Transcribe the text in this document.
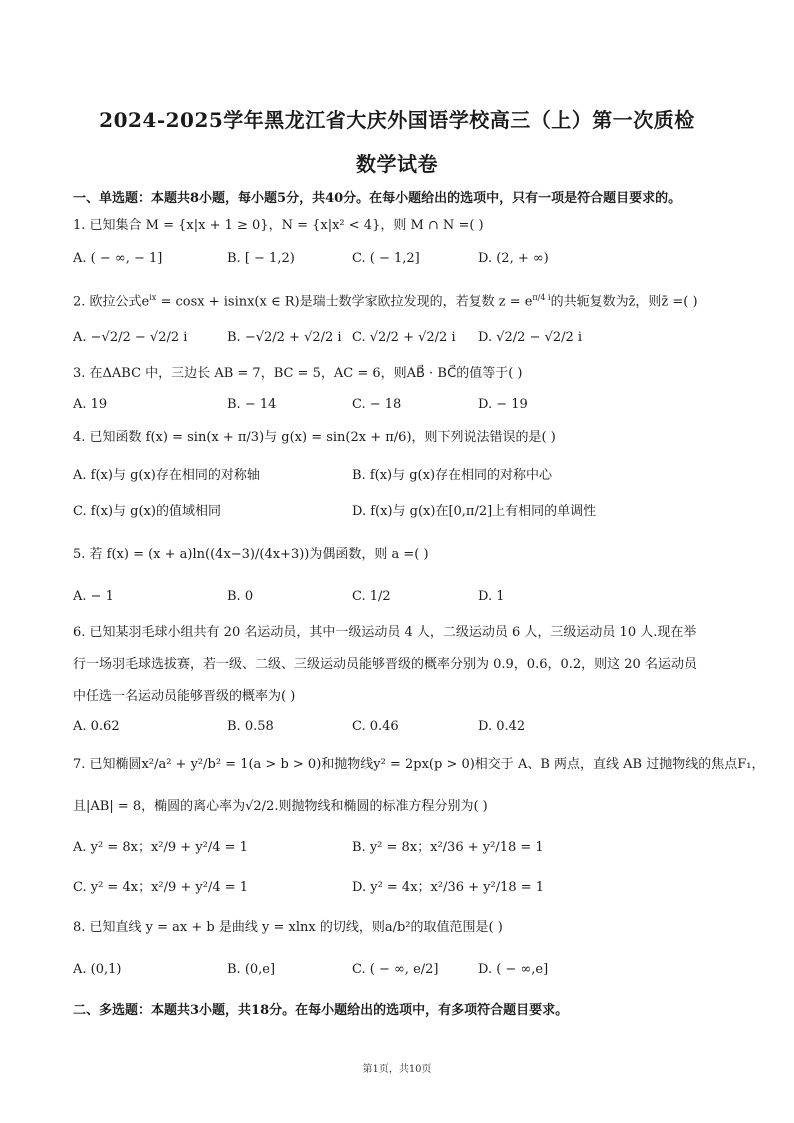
2024-2025学年黑龙江省大庆外国语学校高三（上）第一次质检
数学试卷
一、单选题：本题共8小题，每小题5分，共40分。在每小题给出的选项中，只有一项是符合题目要求的。
1. 已知集合 M = {x|x + 1 ≥ 0}，N = {x|x² < 4}，则 M ∩ N =( )
A. ( − ∞, − 1]	B. [ − 1,2)	C. ( − 1,2]	D. (2, + ∞)
2. 欧拉公式$e^{ix} = \cos x + isinx(x$ ∈ R)是瑞士数学家欧拉发现的，若复数 $z = e^{\pi/4 i}$的共轭复数为z̄，则z̄ =( )
A. −√2/2 − √2/2 i	B. −√2/2 + √2/2 i C. √2/2 + √2/2 i D. √2/2 − √2/2 i
3. 在ΔABC 中，三边长 AB = 7，BC = 5，AC = 6，则AB⃗ · BC⃗的值等于( )
A. 19	B. − 14	C. − 18	D. − 19
4. 已知函数 f(x) = sin(x + π/3)与 g(x) = sin(2x + π/6)，则下列说法错误的是( )
A. f(x)与 g(x)存在相同的对称轴	B. f(x)与 g(x)存在相同的对称中心
C. f(x)与 g(x)的值域相同	D. f(x)与 g(x)在[0,π/2]上有相同的单调性
5. 若 f(x) = (x + a)ln((4x−3)/(4x+3))为偶函数，则 a =( )
A. − 1	B. 0	C. 1/2	D. 1
6. 已知某羽毛球小组共有 20 名运动员，其中一级运动员 4 人，二级运动员 6 人，三级运动员 10 人.现在举
行一场羽毛球选拔赛，若一级、二级、三级运动员能够晋级的概率分别为 0.9，0.6，0.2，则这 20 名运动员
中任选一名运动员能够晋级的概率为( )
A. 0.62	B. 0.58	C. 0.46	D. 0.42
7. 已知椭圆x²/a² + y²/b² = 1(a > b > 0)和抛物线y² = 2px(p > 0)相交于 A、B 两点，直线 AB 过抛物线的焦点F₁，
且|AB| = 8，椭圆的离心率为√2/2.则抛物线和椭圆的标准方程分别为( )
A. y² = 8x；x²/9 + y²/4 = 1	B. y² = 8x；x²/36 + y²/18 = 1
C. y² = 4x；x²/9 + y²/4 = 1	D. y² = 4x；x²/36 + y²/18 = 1
8. 已知直线 y = ax + b 是曲线 y = xlnx 的切线，则a/b²的取值范围是( )
A. (0,1)	B. (0,e]	C. ( − ∞, e/2]	D. ( − ∞,e]
二、多选题：本题共3小题，共18分。在每小题给出的选项中，有多项符合题目要求。
第1页，共10页
